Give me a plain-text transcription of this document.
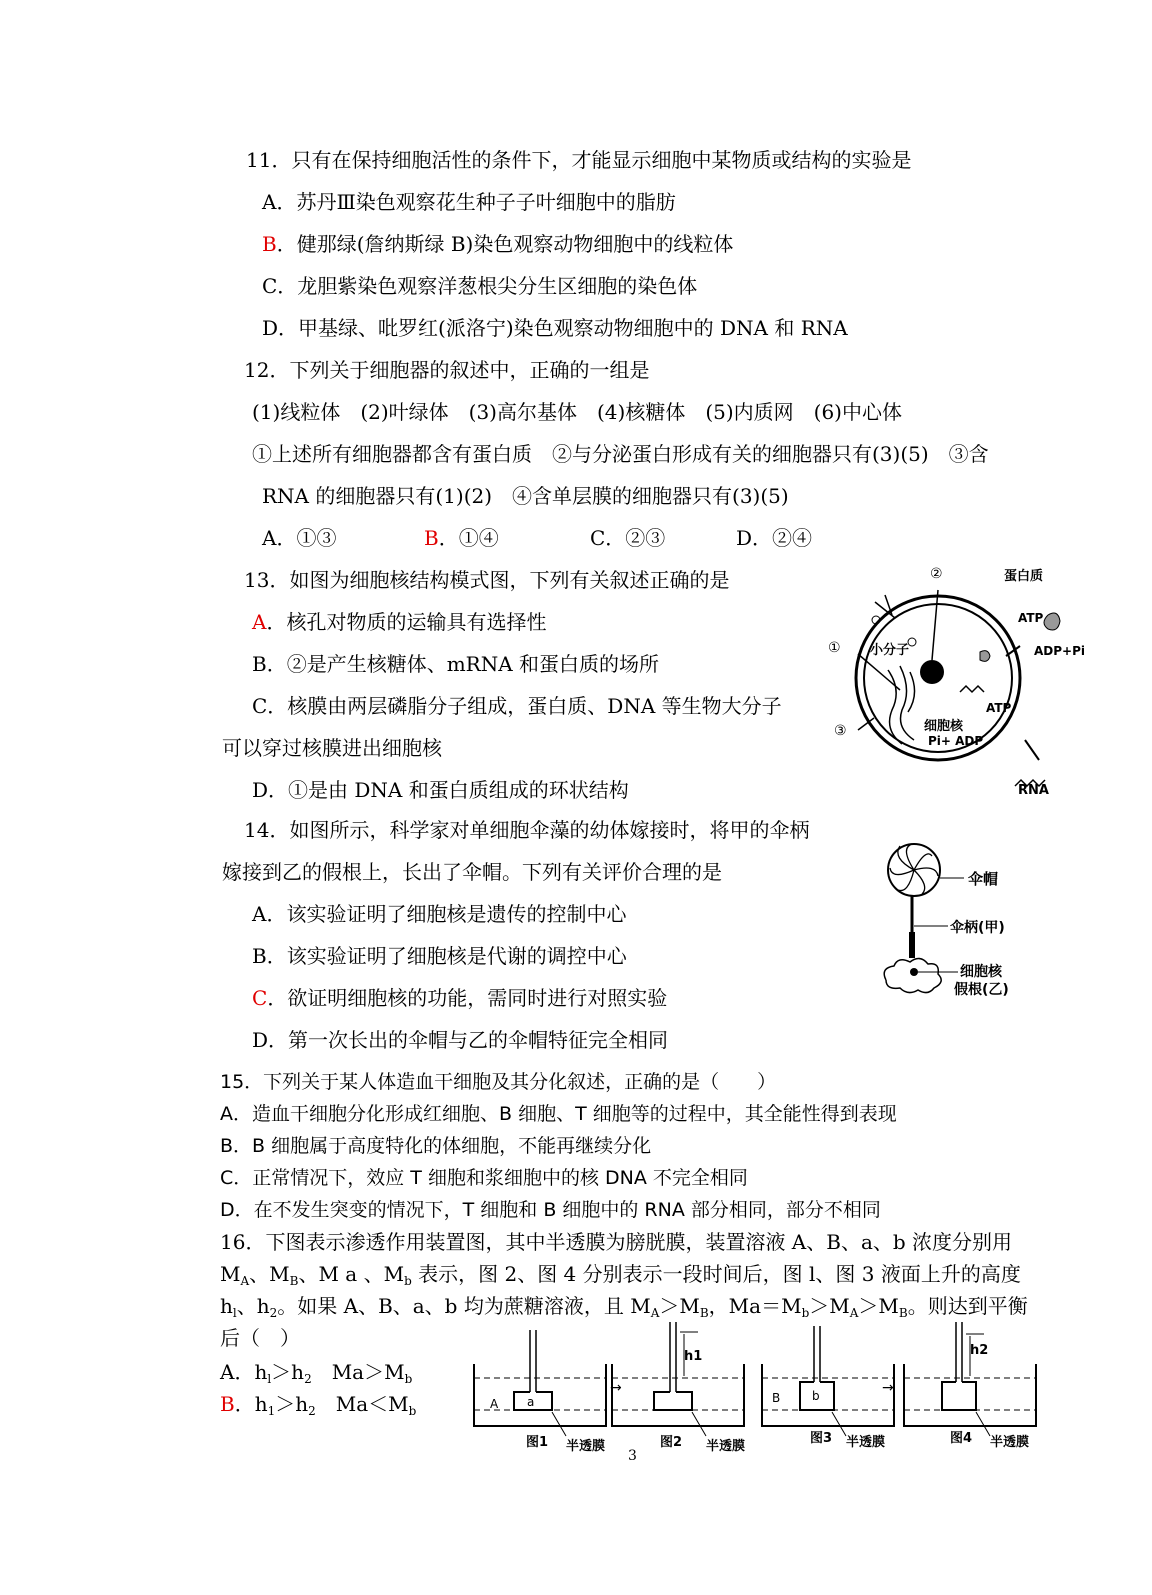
11．只有在保持细胞活性的条件下，才能显示细胞中某物质或结构的实验是
A．苏丹Ⅲ染色观察花生种子子叶细胞中的脂肪
B．健那绿(詹纳斯绿 B)染色观察动物细胞中的线粒体
C．龙胆紫染色观察洋葱根尖分生区细胞的染色体
D．甲基绿、吡罗红(派洛宁)染色观察动物细胞中的 DNA 和 RNA
12．下列关于细胞器的叙述中，正确的一组是
(1)线粒体　(2)叶绿体　(3)高尔基体　(4)核糖体　(5)内质网　(6)中心体
①上述所有细胞器都含有蛋白质　②与分泌蛋白形成有关的细胞器只有(3)(5)　③含
RNA 的细胞器只有(1)(2)　④含单层膜的细胞器只有(3)(5)
A．①③	B．①④	C．②③	D．②④
13．如图为细胞核结构模式图，下列有关叙述正确的是
A．核孔对物质的运输具有选择性
B．②是产生核糖体、mRNA 和蛋白质的场所
C．核膜由两层磷脂分子组成，蛋白质、DNA 等生物大分子
可以穿过核膜进出细胞核
D．①是由 DNA 和蛋白质组成的环状结构
②	蛋白质
ATP
ADP+Pi
① 小分子
ATP
细胞核
Pi+ ADP
③
RNA
14．如图所示，科学家对单细胞伞藻的幼体嫁接时，将甲的伞柄
嫁接到乙的假根上，长出了伞帽。下列有关评价合理的是
A．该实验证明了细胞核是遗传的控制中心
B．该实验证明了细胞核是代谢的调控中心
C．欲证明细胞核的功能，需同时进行对照实验
D．第一次长出的伞帽与乙的伞帽特征完全相同
伞帽
伞柄(甲)
细胞核
假根(乙)
15．下列关于某人体造血干细胞及其分化叙述，正确的是（　　）
A．造血干细胞分化形成红细胞、B 细胞、T 细胞等的过程中，其全能性得到表现
B．B 细胞属于高度特化的体细胞，不能再继续分化
C．正常情况下，效应 T 细胞和浆细胞中的核 DNA 不完全相同
D．在不发生突变的情况下，T 细胞和 B 细胞中的 RNA 部分相同，部分不相同
16．下图表示渗透作用装置图，其中半透膜为膀胱膜，装置溶液 A、B、a、b 浓度分别用
$M_A$、$M_B$、M a 、$M_b$ 表示，图 2、图 4 分别表示一段时间后，图 l、图 3 液面上升的高度
$h_l$、$h_2$。如果 A、B、a、b 均为蔗糖溶液，且 $M_A>M_B$，$Ma=M_b>M_A>M_B$。则达到平衡
后（　）
A．$h_l>h_2$　$Ma>M_b$
B．$h_1>h_2$　$Ma<M_b$
a
A
图1 半透膜
→
h1
图2 半透膜
b
B
图3 半透膜
→
h2
图4 半透膜
3
